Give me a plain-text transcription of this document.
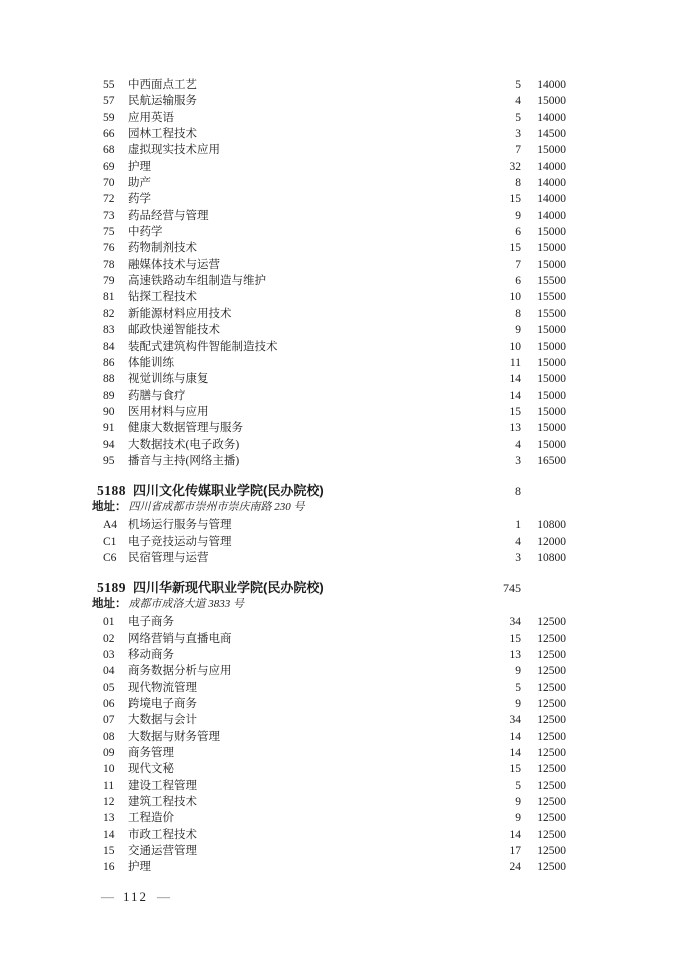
55	中西面点工艺	5	14000
57	民航运输服务	4	15000
59	应用英语	5	14000
66	园林工程技术	3	14500
68	虚拟现实技术应用	7	15000
69	护理	32	14000
70	助产	8	14000
72	药学	15	14000
73	药品经营与管理	9	14000
75	中药学	6	15000
76	药物制剂技术	15	15000
78	融媒体技术与运营	7	15000
79	高速铁路动车组制造与维护	6	15500
81	钻探工程技术	10	15500
82	新能源材料应用技术	8	15500
83	邮政快递智能技术	9	15000
84	装配式建筑构件智能制造技术	10	15000
86	体能训练	11	15000
88	视觉训练与康复	14	15000
89	药膳与食疗	14	15000
90	医用材料与应用	15	15000
91	健康大数据管理与服务	13	15000
94	大数据技术(电子政务)	4	15000
95	播音与主持(网络主播)	3	16500
5188 四川文化传媒职业学院(民办院校)	8
地址： 四川省成都市崇州市崇庆南路 230 号
A4 机场运行服务与管理	1	10800
C1	电子竞技运动与管理	4	12000
C6	民宿管理与运营	3	10800
5189 四川华新现代职业学院(民办院校)	745
地址： 成都市成洛大道 3833 号
01	电子商务	34	12500
02	网络营销与直播电商	15	12500
03	移动商务	13	12500
04	商务数据分析与应用	9	12500
05	现代物流管理	5	12500
06	跨境电子商务	9	12500
07	大数据与会计	34	12500
08	大数据与财务管理	14	12500
09	商务管理	14	12500
10	现代文秘	15	12500
11	建设工程管理	5	12500
12	建筑工程技术	9	12500
13	工程造价	9	12500
14	市政工程技术	14	12500
15	交通运营管理	17	12500
16	护理	24	12500
— 112 —
